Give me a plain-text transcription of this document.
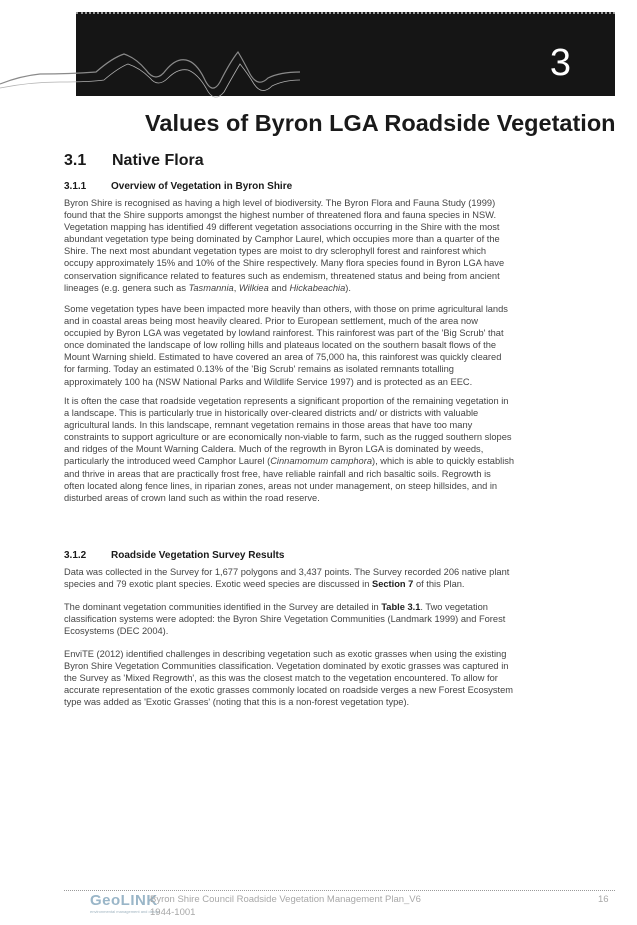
3
Values of Byron LGA Roadside Vegetation
3.1 Native Flora
3.1.1 Overview of Vegetation in Byron Shire
Byron Shire is recognised as having a high level of biodiversity. The Byron Flora and Fauna Study (1999)
found that the Shire supports amongst the highest number of threatened flora and fauna species in NSW.
Vegetation mapping has identified 49 different vegetation associations occurring in the Shire with the most
abundant vegetation type being dominated by Camphor Laurel, which occupies more than a quarter of the
Shire. The next most abundant vegetation types are moist to dry sclerophyll forest and rainforest which
occupy approximately 15% and 10% of the Shire respectively. Many flora species found in Byron LGA have
conservation significance related to features such as endemism, threatened status and being from ancient
lineages (e.g. genera such as Tasmannia, Wilkiea and Hickabeachia).
Some vegetation types have been impacted more heavily than others, with those on prime agricultural lands
and in coastal areas being most heavily cleared. Prior to European settlement, much of the area now
occupied by Byron LGA was vegetated by lowland rainforest. This rainforest was part of the 'Big Scrub' that
once dominated the landscape of low rolling hills and plateaus located on the southern basalt flows of the
Mount Warning shield. Estimated to have covered an area of 75,000 ha, this rainforest was quickly cleared
for farming. Today an estimated 0.13% of the 'Big Scrub' remains as isolated remnants totalling
approximately 100 ha (NSW National Parks and Wildlife Service 1997) and is protected as an EEC.
It is often the case that roadside vegetation represents a significant proportion of the remaining vegetation in
a landscape. This is particularly true in historically over-cleared districts and/ or districts with valuable
agricultural lands. In this landscape, remnant vegetation remains in those areas that have too many
constraints to support agriculture or are economically non-viable to farm, such as the rugged southern slopes
and ridges of the Mount Warning Caldera. Much of the regrowth in Byron LGA is dominated by weeds,
particularly the introduced weed Camphor Laurel (Cinnamomum camphora), which is able to quickly establish
and thrive in areas that are practically frost free, have reliable rainfall and rich basaltic soils. Regrowth is
often located along fence lines, in riparian zones, areas not under management, on steep hillsides, and in
disturbed areas of crown land such as within the road reserve.
3.1.2 Roadside Vegetation Survey Results
Data was collected in the Survey for 1,677 polygons and 3,437 points. The Survey recorded 206 native plant
species and 79 exotic plant species. Exotic weed species are discussed in Section 7 of this Plan.
The dominant vegetation communities identified in the Survey are detailed in Table 3.1. Two vegetation
classification systems were adopted: the Byron Shire Vegetation Communities (Landmark 1999) and Forest
Ecosystems (DEC 2004).
EnviTE (2012) identified challenges in describing vegetation such as exotic grasses when using the existing
Byron Shire Vegetation Communities classification. Vegetation dominated by exotic grasses was captured in
the Survey as 'Mixed Regrowth', as this was the closest match to the vegetation encountered. To allow for
accurate representation of the exotic grasses commonly located on roadside verges a new Forest Ecosystem
type was added as 'Exotic Grasses' (noting that this is a non-forest vegetation type).
GeoLINK
environmental management and design
Byron Shire Council Roadside Vegetation Management Plan_V6
1944-1001
16
